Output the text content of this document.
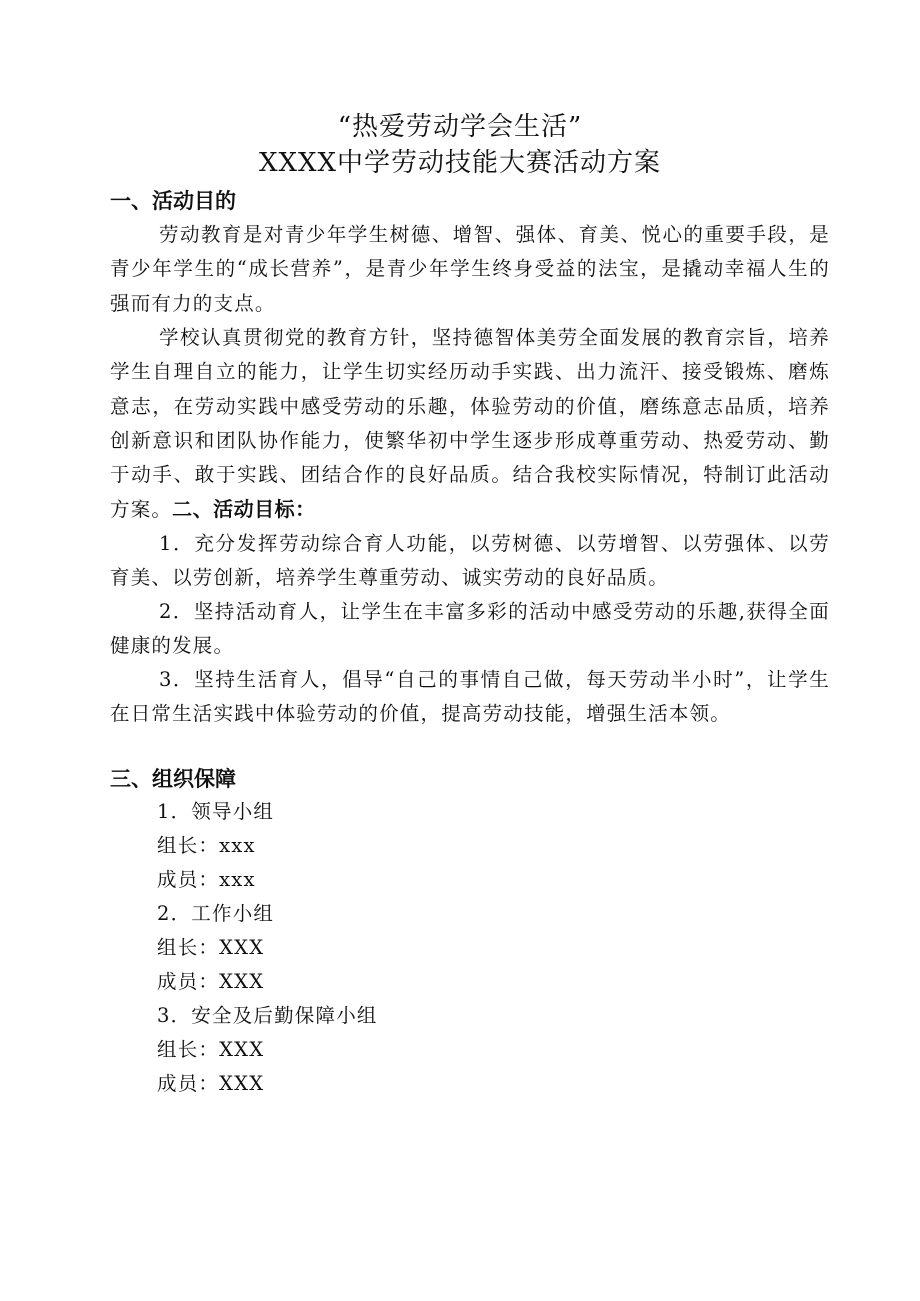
“热爱劳动学会生活”
XXXX中学劳动技能大赛活动方案
一、活动目的

劳动教育是对青少年学生树德、增智、强体、育美、悦心的重要手段，是青少年学生的“成长营养”，是青少年学生终身受益的法宝，是撬动幸福人生的强而有力的支点。

学校认真贯彻党的教育方针，坚持德智体美劳全面发展的教育宗旨，培养学生自理自立的能力，让学生切实经历动手实践、出力流汗、接受锻炼、磨炼意志，在劳动实践中感受劳动的乐趣，体验劳动的价值，磨练意志品质，培养创新意识和团队协作能力，使繁华初中学生逐步形成尊重劳动、热爱劳动、勤于动手、敢于实践、团结合作的良好品质。结合我校实际情况，特制订此活动方案。二、活动目标：

1．充分发挥劳动综合育人功能，以劳树德、以劳增智、以劳强体、以劳育美、以劳创新，培养学生尊重劳动、诚实劳动的良好品质。

2．坚持活动育人，让学生在丰富多彩的活动中感受劳动的乐趣,获得全面健康的发展。

3．坚持生活育人，倡导“自己的事情自己做，每天劳动半小时”，让学生在日常生活实践中体验劳动的价值，提高劳动技能，增强生活本领。

三、组织保障
1．领导小组
组长：xxx
成员：xxx
2．工作小组
组长：XXX
成员：XXX
3．安全及后勤保障小组
组长：XXX
成员：XXX
